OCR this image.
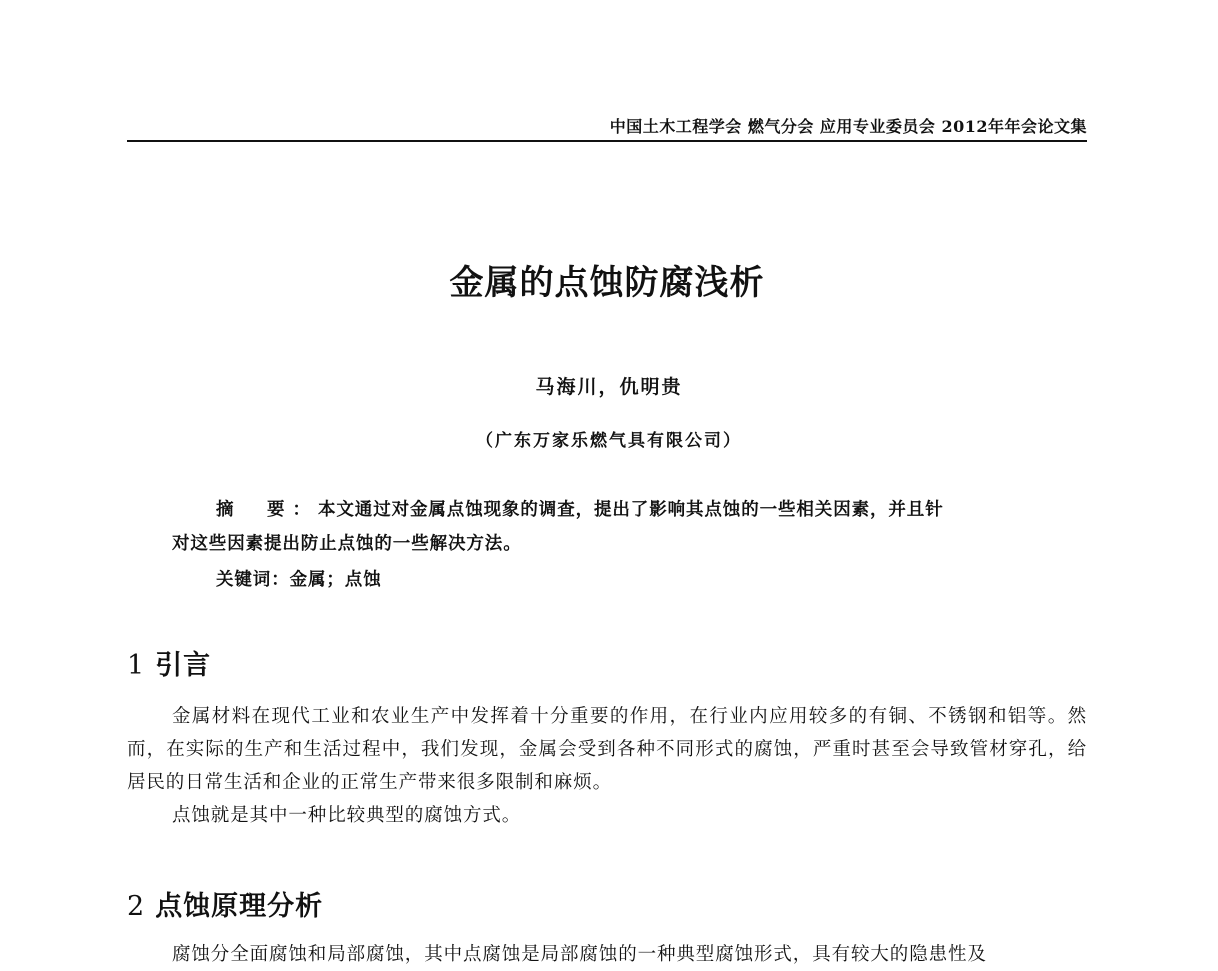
中国土木工程学会 燃气分会 应用专业委员会 2012年年会论文集
金属的点蚀防腐浅析
马海川，仇明贵
（广东万家乐燃气具有限公司）
摘　要：本文通过对金属点蚀现象的调查，提出了影响其点蚀的一些相关因素，并且针
对这些因素提出防止点蚀的一些解决方法。
关键词：金属；点蚀
1 引言

金属材料在现代工业和农业生产中发挥着十分重要的作用，在行业内应用较多的有铜、不锈钢和铝等。然而，在实际的生产和生活过程中，我们发现，金属会受到各种不同形式的腐蚀，严重时甚至会导致管材穿孔，给居民的日常生活和企业的正常生产带来很多限制和麻烦。

点蚀就是其中一种比较典型的腐蚀方式。

2 点蚀原理分析
腐蚀分全面腐蚀和局部腐蚀，其中点腐蚀是局部腐蚀的一种典型腐蚀形式，具有较大的隐患性及
